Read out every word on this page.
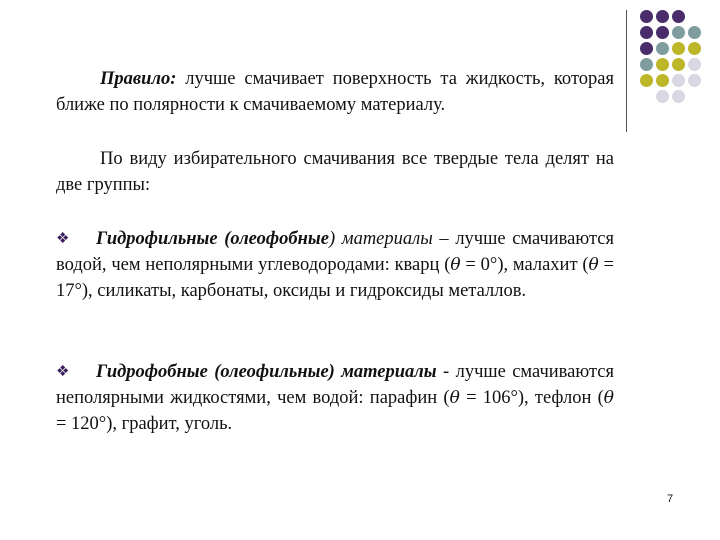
Правило: лучше смачивает поверхность та жидкость, которая ближе по полярности к смачиваемому материалу.

По виду избирательного смачивания все твердые тела делят на две группы:

❖ Гидрофильные (олеофобные) материалы – лучше смачиваются водой, чем неполярными углеводородами: кварц (θ = 0°), малахит (θ = 17°), силикаты, карбонаты, оксиды и гидроксиды металлов.

❖ Гидрофобные (олеофильные) материалы - лучше смачиваются неполярными жидкостями, чем водой: парафин (θ = 106°), тефлон (θ = 120°), графит, уголь.

7
